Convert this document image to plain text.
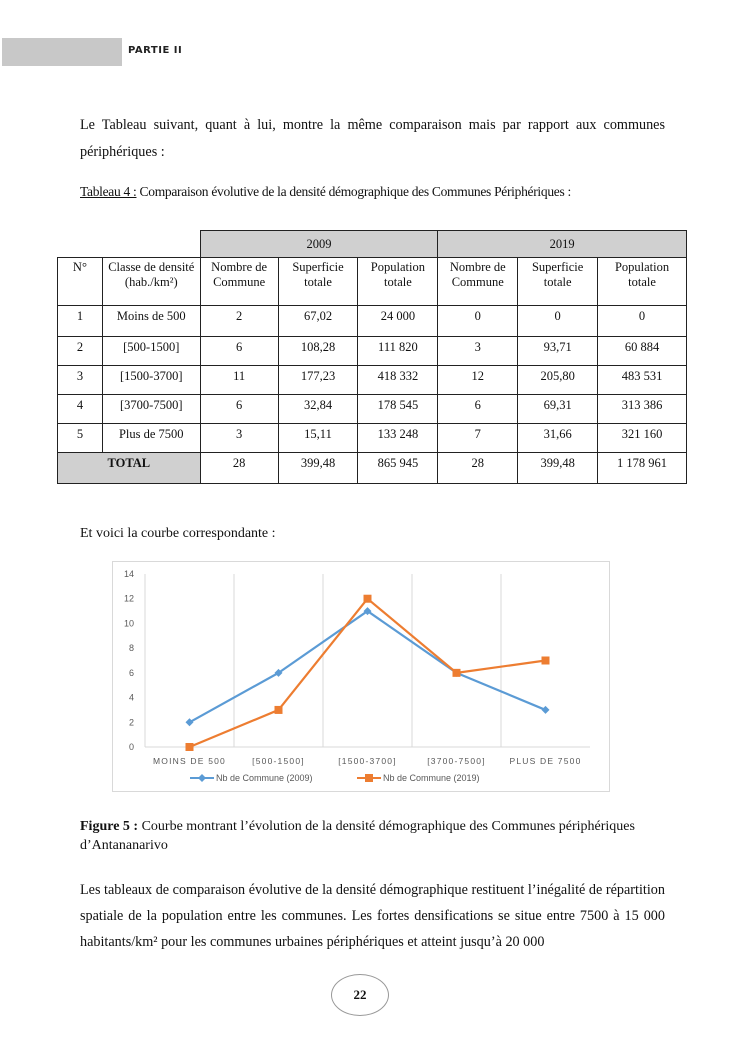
PARTIE II

Le Tableau suivant, quant à lui, montre la même comparaison mais par rapport aux communes périphériques :

Tableau 4 : Comparaison évolutive de la densité démographique des Communes Périphériques :
		2009			2019		
N°	Classe de densité (hab./km²)	Nombre de Commune	Superficie totale	Population totale	Nombre de Commune	Superficie totale	Population totale
1	Moins de 500	2	67,02	24 000	0	0	0
2	[500-1500]	6	108,28	111 820	3	93,71	60 884
3	[1500-3700]	11	177,23	418 332	12	205,80	483 531
4	[3700-7500]	6	32,84	178 545	6	69,31	313 386
5	Plus de 7500	3	15,11	133 248	7	31,66	321 160
TOTAL		28	399,48	865 945	28	399,48	1 178 961
Et voici la courbe correspondante :
0
2
4
6
8
10
12
14
MOINS DE 500	[500-1500]	[1500-3700]	[3700-7500]	PLUS DE 7500
Nb de Commune (2009)	Nb de Commune (2019)
Figure 5 : Courbe montrant l’évolution de la densité démographique des Communes périphériques d’Antananarivo

Les tableaux de comparaison évolutive de la densité démographique restituent l’inégalité de répartition spatiale de la population entre les communes. Les fortes densifications se situe entre 7500 à 15 000 habitants/km² pour les communes urbaines périphériques et atteint jusqu’à 20 000

22
